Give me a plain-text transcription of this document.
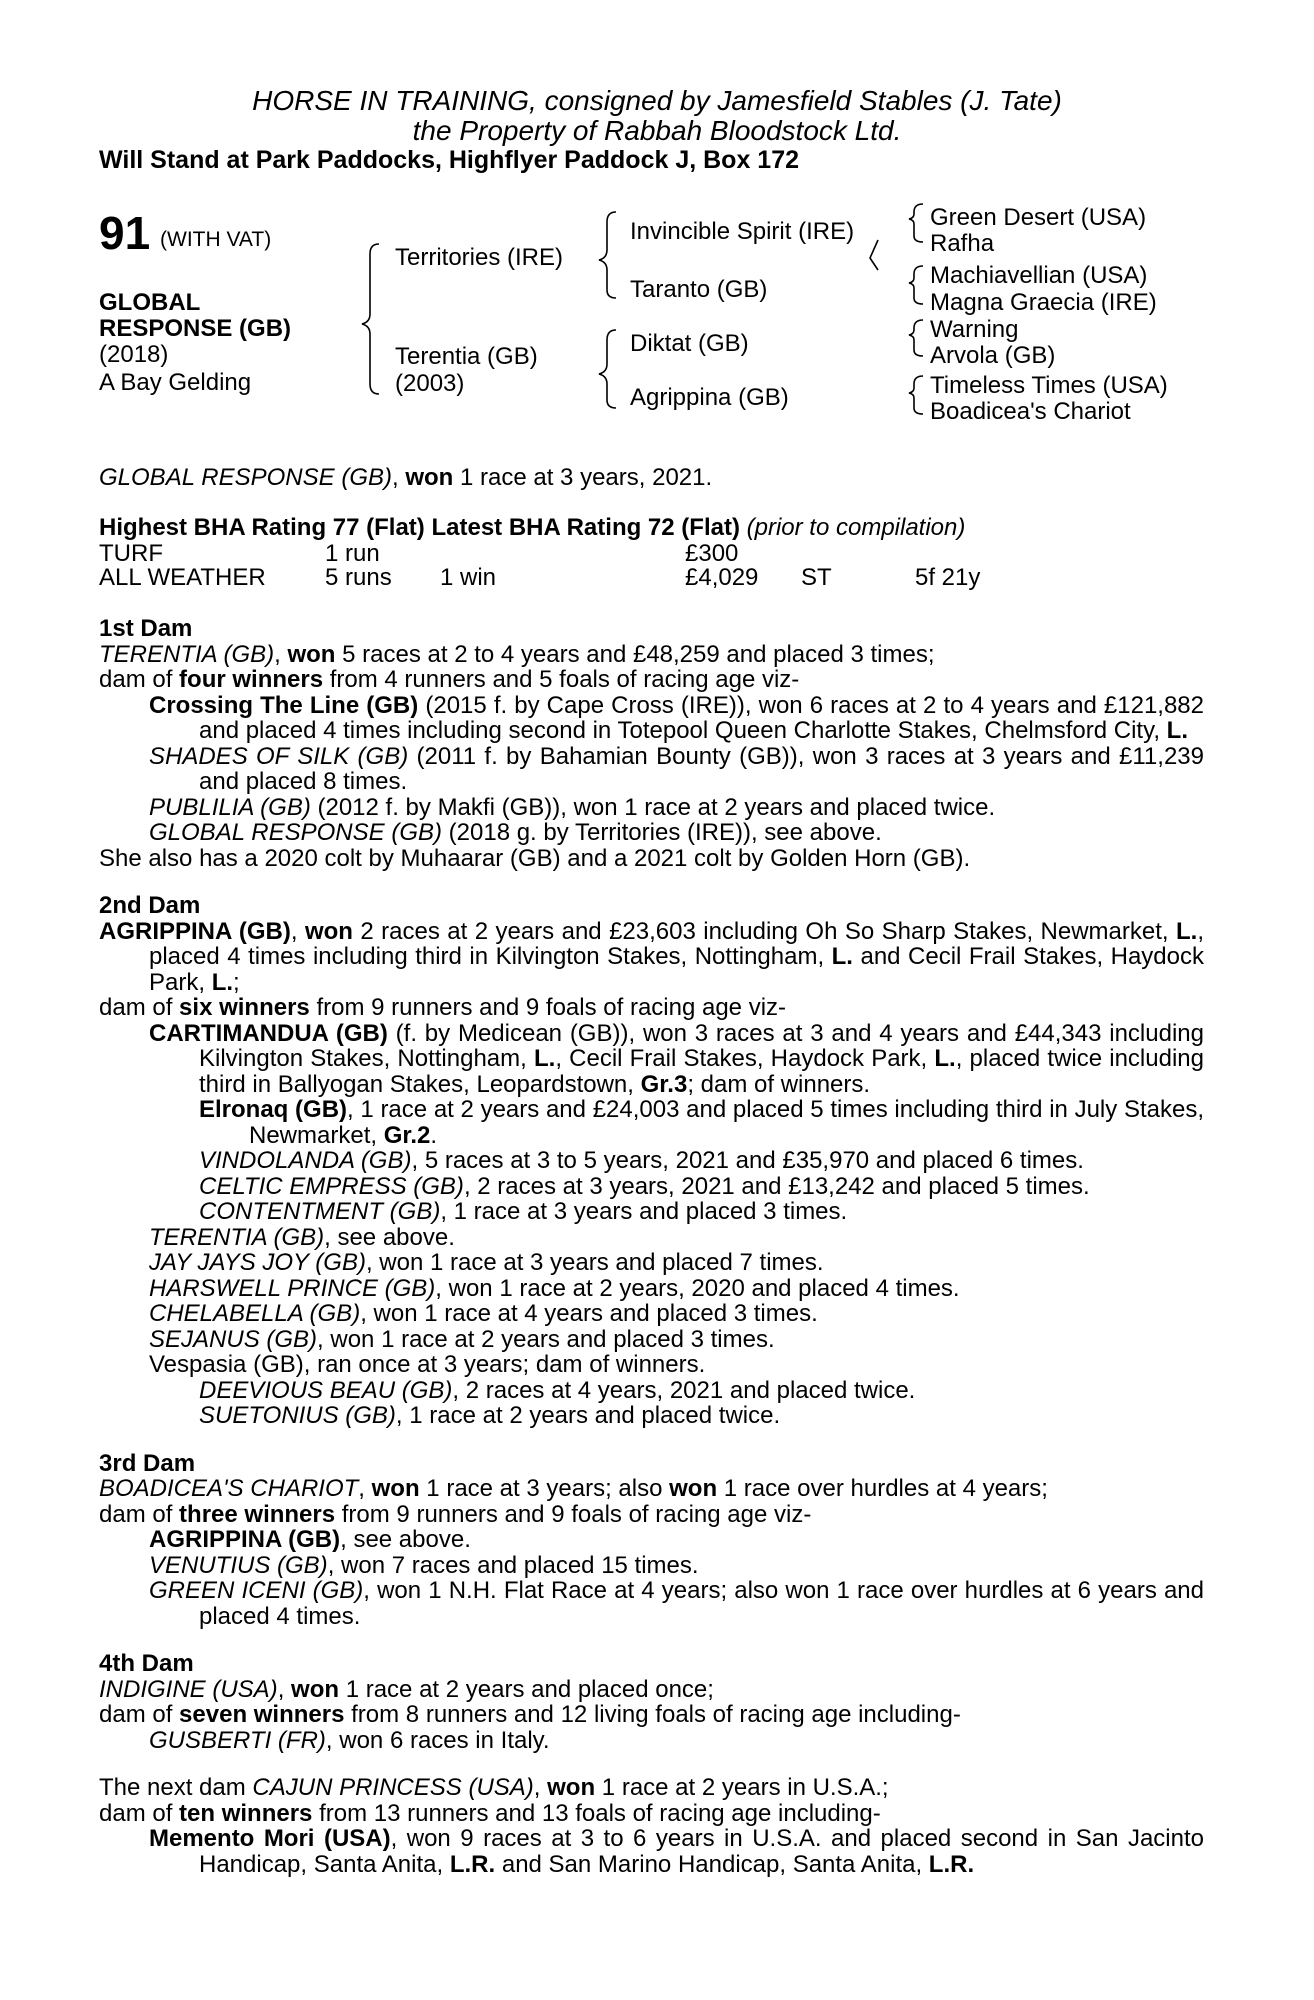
HORSE IN TRAINING, consigned by Jamesfield Stables (J. Tate)
the Property of Rabbah Bloodstock Ltd.
Will Stand at Park Paddocks, Highflyer Paddock J, Box 172
91 (WITH VAT)
GLOBAL
RESPONSE (GB)
(2018)
A Bay Gelding
Territories (IRE)
Terentia (GB)
(2003)
Invincible Spirit (IRE)
Taranto (GB)
Diktat (GB)
Agrippina (GB)
Green Desert (USA)
Rafha
Machiavellian (USA)
Magna Graecia (IRE)
Warning
Arvola (GB)
Timeless Times (USA)
Boadicea's Chariot
GLOBAL RESPONSE (GB), won 1 race at 3 years, 2021.
Highest BHA Rating 77 (Flat) Latest BHA Rating 72 (Flat) (prior to compilation)
TURF	1 run	£300
ALL WEATHER 5 runs 1 win	£4,029 ST	5f 21y

1st Dam

TERENTIA (GB), won 5 races at 2 to 4 years and £48,259 and placed 3 times;

dam of four winners from 4 runners and 5 foals of racing age viz-

Crossing The Line (GB) (2015 f. by Cape Cross (IRE)), won 6 races at 2 to 4 years and £121,882 and placed 4 times including second in Totepool Queen Charlotte Stakes, Chelmsford City, L.

SHADES OF SILK (GB) (2011 f. by Bahamian Bounty (GB)), won 3 races at 3 years and £11,239 and placed 8 times.

PUBLILIA (GB) (2012 f. by Makfi (GB)), won 1 race at 2 years and placed twice.

GLOBAL RESPONSE (GB) (2018 g. by Territories (IRE)), see above.

She also has a 2020 colt by Muhaarar (GB) and a 2021 colt by Golden Horn (GB).

2nd Dam

AGRIPPINA (GB), won 2 races at 2 years and £23,603 including Oh So Sharp Stakes, Newmarket, L., placed 4 times including third in Kilvington Stakes, Nottingham, L. and Cecil Frail Stakes, Haydock Park, L.;

dam of six winners from 9 runners and 9 foals of racing age viz-

CARTIMANDUA (GB) (f. by Medicean (GB)), won 3 races at 3 and 4 years and £44,343 including Kilvington Stakes, Nottingham, L., Cecil Frail Stakes, Haydock Park, L., placed twice including third in Ballyogan Stakes, Leopardstown, Gr.3; dam of winners.

Elronaq (GB), 1 race at 2 years and £24,003 and placed 5 times including third in July Stakes, Newmarket, Gr.2.

VINDOLANDA (GB), 5 races at 3 to 5 years, 2021 and £35,970 and placed 6 times.

CELTIC EMPRESS (GB), 2 races at 3 years, 2021 and £13,242 and placed 5 times.

CONTENTMENT (GB), 1 race at 3 years and placed 3 times.

TERENTIA (GB), see above.

JAY JAYS JOY (GB), won 1 race at 3 years and placed 7 times.

HARSWELL PRINCE (GB), won 1 race at 2 years, 2020 and placed 4 times.

CHELABELLA (GB), won 1 race at 4 years and placed 3 times.

SEJANUS (GB), won 1 race at 2 years and placed 3 times.

Vespasia (GB), ran once at 3 years; dam of winners.

DEEVIOUS BEAU (GB), 2 races at 4 years, 2021 and placed twice.

SUETONIUS (GB), 1 race at 2 years and placed twice.

3rd Dam

BOADICEA'S CHARIOT, won 1 race at 3 years; also won 1 race over hurdles at 4 years;

dam of three winners from 9 runners and 9 foals of racing age viz-

AGRIPPINA (GB), see above.

VENUTIUS (GB), won 7 races and placed 15 times.

GREEN ICENI (GB), won 1 N.H. Flat Race at 4 years; also won 1 race over hurdles at 6 years and placed 4 times.

4th Dam

INDIGINE (USA), won 1 race at 2 years and placed once;

dam of seven winners from 8 runners and 12 living foals of racing age including-

GUSBERTI (FR), won 6 races in Italy.

The next dam CAJUN PRINCESS (USA), won 1 race at 2 years in U.S.A.;

dam of ten winners from 13 runners and 13 foals of racing age including-

Memento Mori (USA), won 9 races at 3 to 6 years in U.S.A. and placed second in San Jacinto Handicap, Santa Anita, L.R. and San Marino Handicap, Santa Anita, L.R.
